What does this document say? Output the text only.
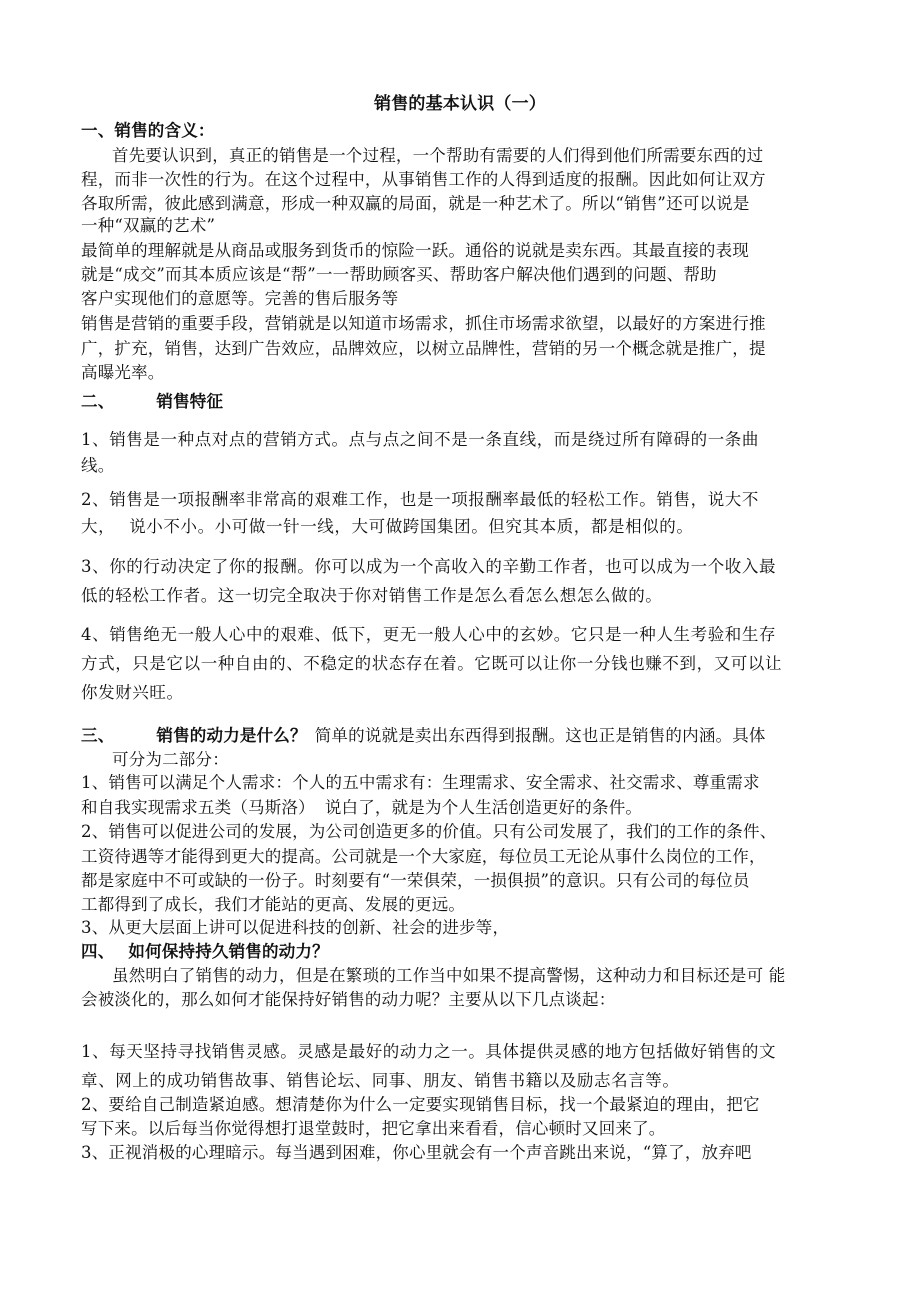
销售的基本认识（一）
一、销售的含义：
首先要认识到，真正的销售是一个过程，一个帮助有需要的人们得到他们所需要东西的过
程，而非一次性的行为。在这个过程中，从事销售工作的人得到适度的报酬。因此如何让双方
各取所需，彼此感到满意，形成一种双赢的局面，就是一种艺术了。所以“销售”还可以说是
一种“双赢的艺术”
最简单的理解就是从商品或服务到货币的惊险一跃。通俗的说就是卖东西。其最直接的表现
就是“成交”而其本质应该是“帮”一一帮助顾客买、帮助客户解决他们遇到的问题、帮助
客户实现他们的意愿等。完善的售后服务等
销售是营销的重要手段，营销就是以知道市场需求，抓住市场需求欲望，以最好的方案进行推
广，扩充，销售，达到广告效应，品牌效应，以树立品牌性，营销的另一个概念就是推广，提
高曝光率。
二、	销售特征
1、销售是一种点对点的营销方式。点与点之间不是一条直线，而是绕过所有障碍的一条曲
线。
2、销售是一项报酬率非常高的艰难工作，也是一项报酬率最低的轻松工作。销售，说大不
大， 说小不小。小可做一针一线，大可做跨国集团。但究其本质，都是相似的。
3、你的行动决定了你的报酬。你可以成为一个高收入的辛勤工作者，也可以成为一个收入最
低的轻松工作者。这一切完全取决于你对销售工作是怎么看怎么想怎么做的。
4、销售绝无一般人心中的艰难、低下，更无一般人心中的玄妙。它只是一种人生考验和生存
方式，只是它以一种自由的、不稳定的状态存在着。它既可以让你一分钱也赚不到，又可以让
你发财兴旺。
三、	销售的动力是什么？ 简单的说就是卖出东西得到报酬。这也正是销售的内涵。具体
可分为二部分：
1、销售可以满足个人需求：个人的五中需求有：生理需求、安全需求、社交需求、尊重需求
和自我实现需求五类（马斯洛） 说白了，就是为个人生活创造更好的条件。
2、销售可以促进公司的发展，为公司创造更多的价值。只有公司发展了，我们的工作的条件、
工资待遇等才能得到更大的提高。公司就是一个大家庭，每位员工无论从事什么岗位的工作，
都是家庭中不可或缺的一份子。时刻要有“一荣俱荣，一损俱损”的意识。只有公司的每位员
工都得到了成长，我们才能站的更高、发展的更远。
3、从更大层面上讲可以促进科技的创新、社会的进步等，
四、 如何保持持久销售的动力？
虽然明白了销售的动力，但是在繁琐的工作当中如果不提高警惕，这种动力和目标还是可 能
会被淡化的，那么如何才能保持好销售的动力呢？主要从以下几点谈起：
1、每天坚持寻找销售灵感。灵感是最好的动力之一。具体提供灵感的地方包括做好销售的文
章、网上的成功销售故事、销售论坛、同事、朋友、销售书籍以及励志名言等。
2、要给自己制造紧迫感。想清楚你为什么一定要实现销售目标，找一个最紧迫的理由，把它
写下来。以后每当你觉得想打退堂鼓时，把它拿出来看看，信心顿时又回来了。
3、正视消极的心理暗示。每当遇到困难，你心里就会有一个声音跳出来说，“算了，放弃吧
